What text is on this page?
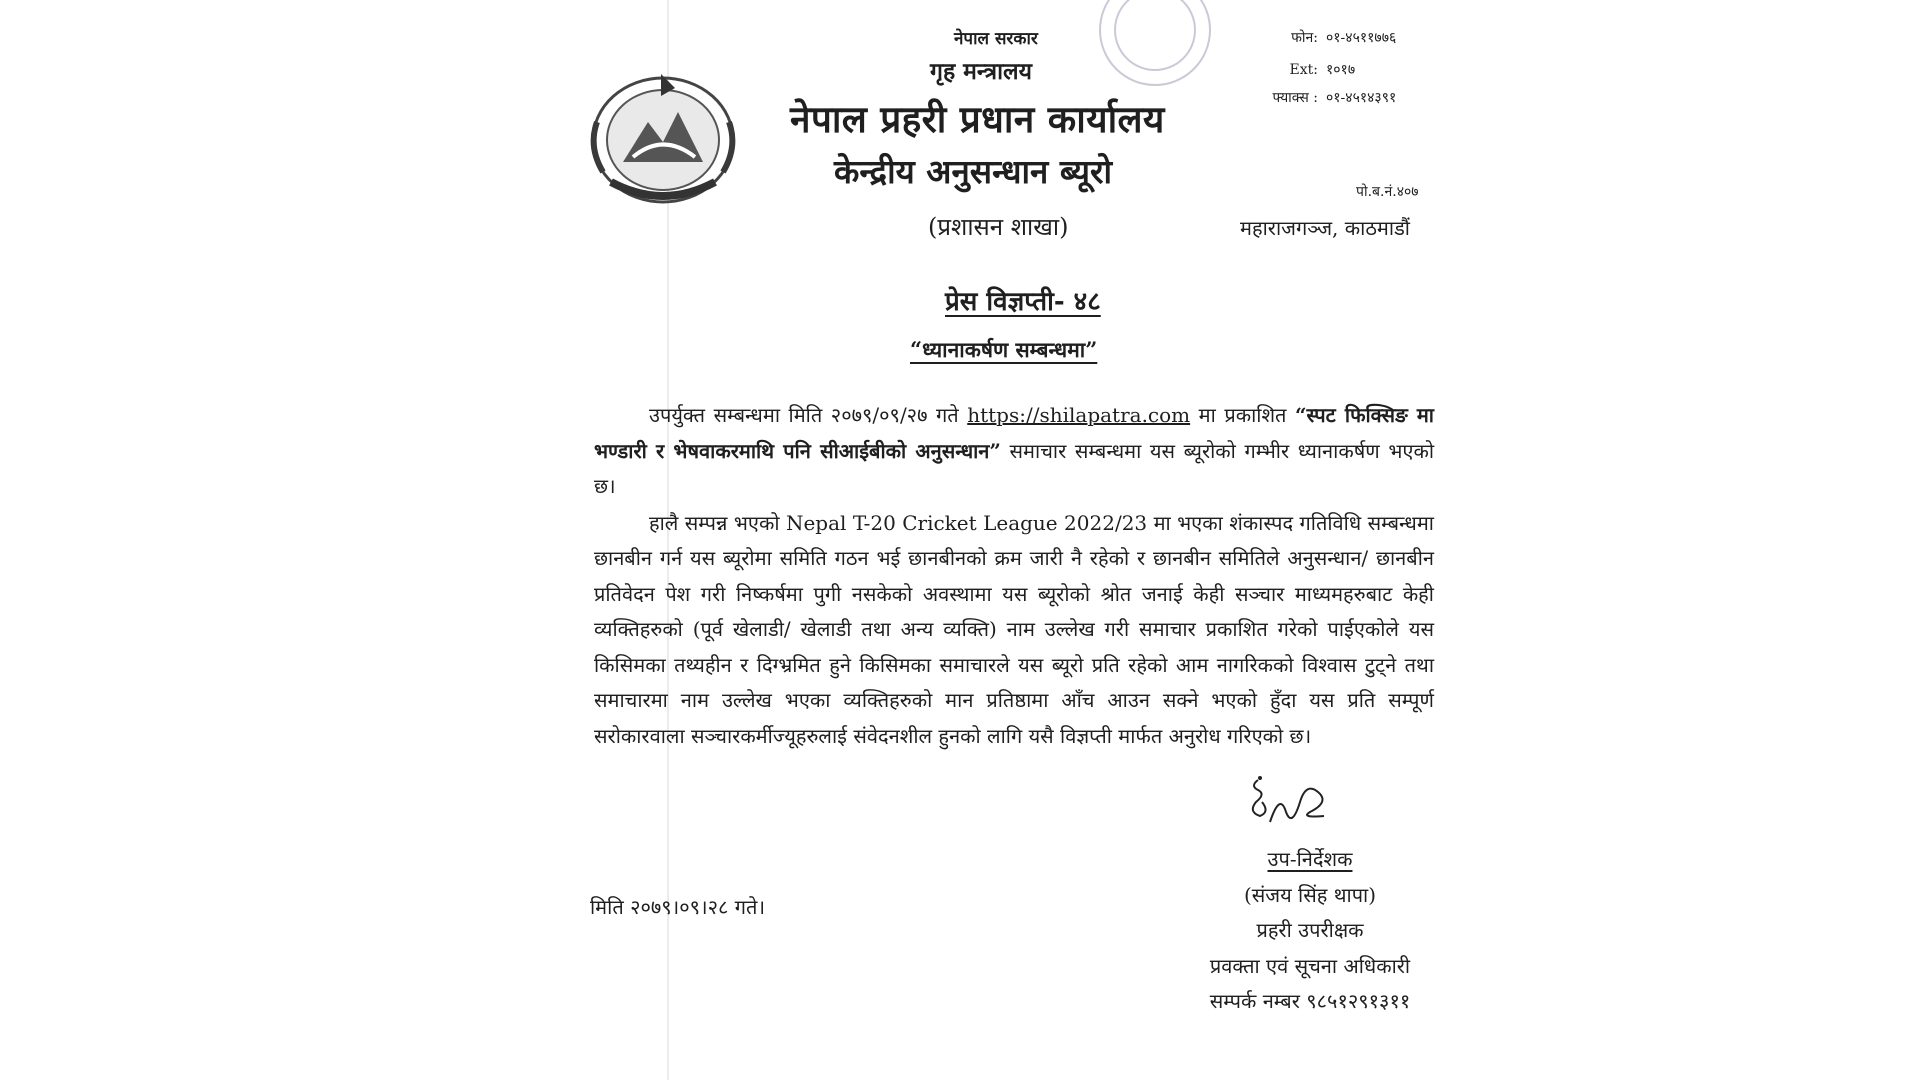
नेपाल सरकार
गृह मन्त्रालय
नेपाल प्रहरी प्रधान कार्यालय
केन्द्रीय अनुसन्धान ब्यूरो
(प्रशासन शाखा)
फोन: ०१-४५११७७६
Ext: १०१७
फ्याक्स : ०१-४५१४३९१
पो.ब.नं.४०७
महाराजगञ्ज, काठमाडौं
प्रेस विज्ञप्ती- ४८
“ध्यानाकर्षण सम्बन्धमा”

उपर्युक्त सम्बन्धमा मिति २०७९/०९/२७ गते https://shilapatra.com मा प्रकाशित “स्पट फिक्सिङ मा भण्डारी र भेषवाकरमाथि पनि सीआईबीको अनुसन्धान” समाचार सम्बन्धमा यस ब्यूरोको गम्भीर ध्यानाकर्षण भएको छ।

हालै सम्पन्न भएको Nepal T-20 Cricket League 2022/23 मा भएका शंकास्पद गतिविधि सम्बन्धमा छानबीन गर्न यस ब्यूरोमा समिति गठन भई छानबीनको क्रम जारी नै रहेको र छानबीन समितिले अनुसन्धान/ छानबीन प्रतिवेदन पेश गरी निष्कर्षमा पुगी नसकेको अवस्थामा यस ब्यूरोको श्रोत जनाई केही सञ्चार माध्यमहरुबाट केही व्यक्तिहरुको (पूर्व खेलाडी/ खेलाडी तथा अन्य व्यक्ति) नाम उल्लेख गरी समाचार प्रकाशित गरेको पाईएकोले यस किसिमका तथ्यहीन र दिग्भ्रमित हुने किसिमका समाचारले यस ब्यूरो प्रति रहेको आम नागरिकको विश्वास टुट्ने तथा समाचारमा नाम उल्लेख भएका व्यक्तिहरुको मान प्रतिष्ठामा आँच आउन सक्ने भएको हुँदा यस प्रति सम्पूर्ण सरोकारवाला सञ्चारकर्मीज्यूहरुलाई संवेदनशील हुनको लागि यसै विज्ञप्ती मार्फत अनुरोध गरिएको छ।

उप-निर्देशक
(संजय सिंह थापा)
प्रहरी उपरीक्षक
प्रवक्ता एवं सूचना अधिकारी
सम्पर्क नम्बर ९८५१२९१३११
मिति २०७९।०९।२८ गते।
